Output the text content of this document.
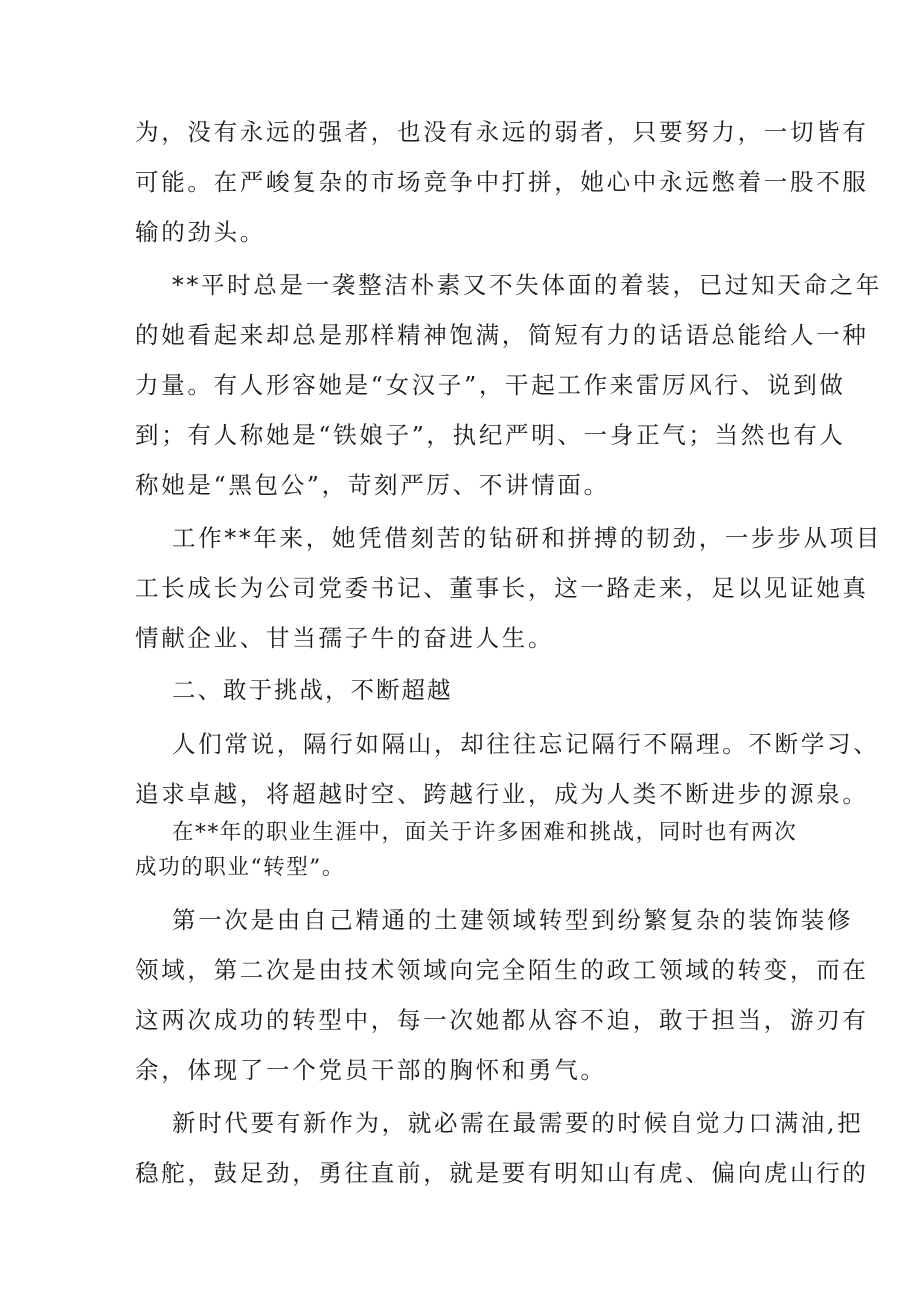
为，没有永远的强者，也没有永远的弱者，只要努力，一切皆有
可能。在严峻复杂的市场竞争中打拼，她心中永远憋着一股不服
输的劲头。
**平时总是一袭整洁朴素又不失体面的着装，已过知天命之年
的她看起来却总是那样精神饱满，简短有力的话语总能给人一种
力量。有人形容她是“女汉子”，干起工作来雷厉风行、说到做
到；有人称她是“铁娘子”，执纪严明、一身正气；当然也有人
称她是“黑包公”，苛刻严厉、不讲情面。
工作**年来，她凭借刻苦的钻研和拼搏的韧劲，一步步从项目
工长成长为公司党委书记、董事长，这一路走来，足以见证她真
情献企业、甘当孺子牛的奋进人生。
二、敢于挑战，不断超越
人们常说，隔行如隔山，却往往忘记隔行不隔理。不断学习、
追求卓越，将超越时空、跨越行业，成为人类不断进步的源泉。
在**年的职业生涯中，面关于许多困难和挑战，同时也有两次
成功的职业“转型”。
第一次是由自己精通的土建领域转型到纷繁复杂的装饰装修
领域，第二次是由技术领域向完全陌生的政工领域的转变，而在
这两次成功的转型中，每一次她都从容不迫，敢于担当，游刃有
余，体现了一个党员干部的胸怀和勇气。
新时代要有新作为，就必需在最需要的时候自觉力口满油,把
稳舵，鼓足劲，勇往直前，就是要有明知山有虎、偏向虎山行的
